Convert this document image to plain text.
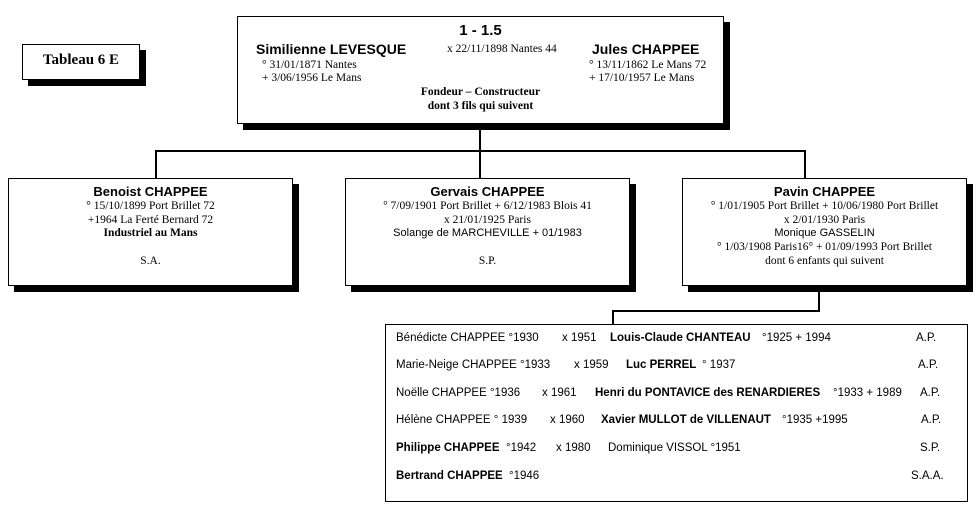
Tableau 6 E
1 - 1.5
Similienne LEVESQUE	x 22/11/1898 Nantes 44	Jules CHAPPEE
° 31/01/1871 Nantes
+ 3/06/1956 Le Mans
° 13/11/1862 Le Mans 72
+ 17/10/1957 Le Mans
Fondeur – Constructeur
dont 3 fils qui suivent
Benoist CHAPPEE
° 15/10/1899 Port Brillet 72
+1964 La Ferté Bernard 72
Industriel au Mans
S.A.
Gervais CHAPPEE
° 7/09/1901 Port Brillet + 6/12/1983 Blois 41
x 21/01/1925 Paris
Solange de MARCHEVILLE + 01/1983
S.P.
Pavin CHAPPEE
° 1/01/1905 Port Brillet + 10/06/1980 Port Brillet
x 2/01/1930 Paris
Monique GASSELIN
° 1/03/1908 Paris16° + 01/09/1993 Port Brillet
dont 6 enfants qui suivent
Bénédicte CHAPPEE °1930 x 1951 Louis-Claude CHANTEAU °1925 + 1994	A.P.
Marie-Neige CHAPPEE °1933 x 1959 Luc PERREL ° 1937	A.P.
Noëlle CHAPPEE °1936 x 1961 Henri du PONTAVICE des RENARDIERES °1933 + 1989 A.P.
Hélène CHAPPEE ° 1939 x 1960 Xavier MULLOT de VILLENAUT °1935 +1995	A.P.
Philippe CHAPPEE °1942 x 1980 Dominique VISSOL °1951	S.P.
Bertrand CHAPPEE °1946	S.A.A.
